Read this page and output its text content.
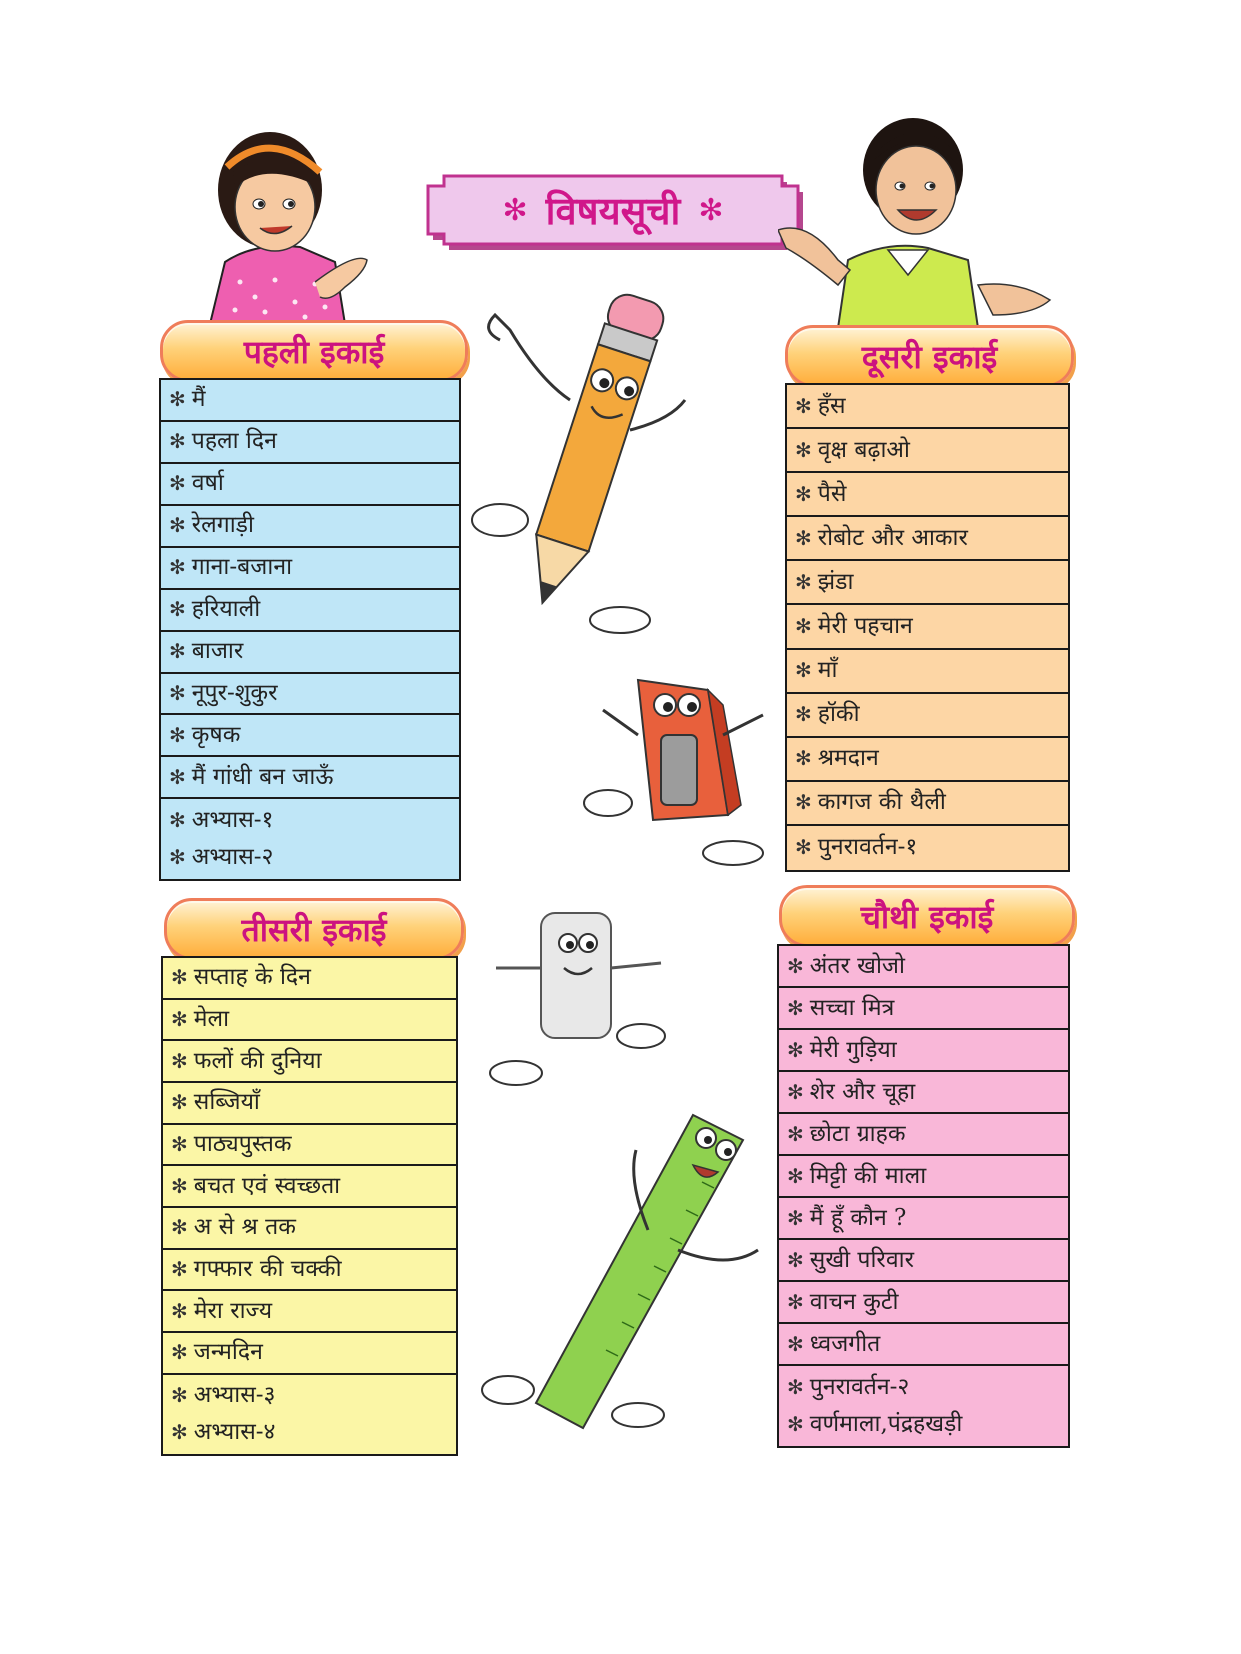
✻ विषयसूची ✻
पहली इकाई
✻ मैं
✻ पहला दिन
✻ वर्षा
✻ रेलगाड़ी
✻ गाना-बजाना
✻ हरियाली
✻ बाजार
✻ नूपुर-शुकुर
✻ कृषक
✻ मैं गांधी बन जाऊँ
✻ अभ्यास-१
✻ अभ्यास-२
दूसरी इकाई
✻ हँस
✻ वृक्ष बढ़ाओ
✻ पैसे
✻ रोबोट और आकार
✻ झंडा
✻ मेरी पहचान
✻ माँ
✻ हॉकी
✻ श्रमदान
✻ कागज की थैली
✻ पुनरावर्तन-१
तीसरी इकाई
✻ सप्ताह के दिन
✻ मेला
✻ फलों की दुनिया
✻ सब्जियाँ
✻ पाठ्यपुस्तक
✻ बचत एवं स्वच्छता
✻ अ से श्र तक
✻ गफ्फार की चक्की
✻ मेरा राज्य
✻ जन्मदिन
✻ अभ्यास-३
✻ अभ्यास-४
चौथी इकाई
✻ अंतर खोजो
✻ सच्चा मित्र
✻ मेरी गुड़िया
✻ शेर और चूहा
✻ छोटा ग्राहक
✻ मिट्टी की माला
✻ मैं हूँ कौन ?
✻ सुखी परिवार
✻ वाचन कुटी
✻ ध्वजगीत
✻ पुनरावर्तन-२
✻ वर्णमाला,पंद्रहखड़ी
